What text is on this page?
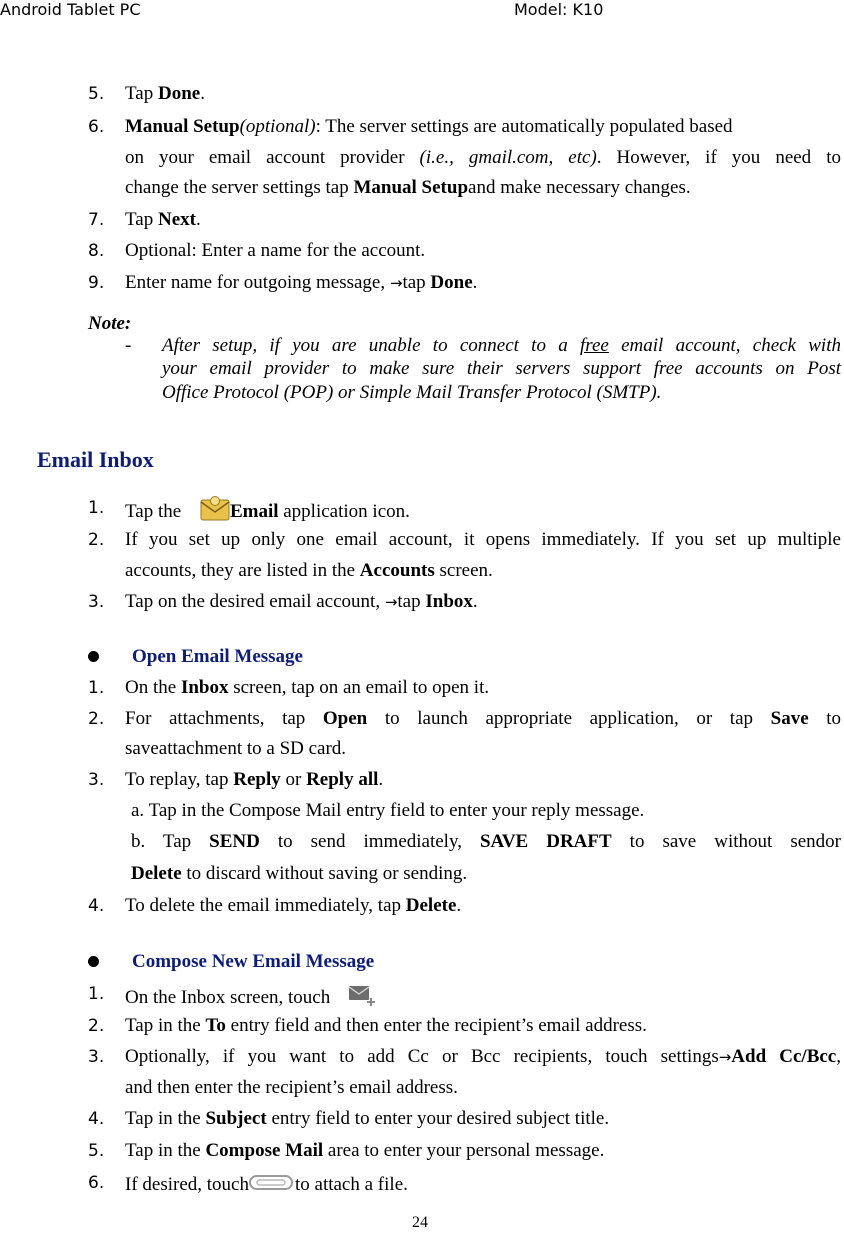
Android Tablet PC	Model: K10
5. Tap Done.
6. Manual Setup(optional): The server settings are automatically populated based
on your email account provider (i.e., gmail.com, etc). However, if you need to
change the server settings tap Manual Setupand make necessary changes.
7. Tap Next.
8. Optional: Enter a name for the account.
9. Enter name for outgoing message, →tap Done.
Note:
- After setup, if you are unable to connect to a free email account, check with
your email provider to make sure their servers support free accounts on Post
Office Protocol (POP) or Simple Mail Transfer Protocol (SMTP).
Email Inbox
1. Tap the Email application icon.
2. If you set up only one email account, it opens immediately. If you set up multiple
accounts, they are listed in the Accounts screen.
3. Tap on the desired email account, →tap Inbox.
Open Email Message
1. On the Inbox screen, tap on an email to open it.
2. For attachments, tap Open to launch appropriate application, or tap Save to
saveattachment to a SD card.
3. To replay, tap Reply or Reply all.
a. Tap in the Compose Mail entry field to enter your reply message.
b. Tap SEND to send immediately, SAVE DRAFT to save without sendor
Delete to discard without saving or sending.
4. To delete the email immediately, tap Delete.
Compose New Email Message
1. On the Inbox screen, touch
2. Tap in the To entry field and then enter the recipient’s email address.
3. Optionally, if you want to add Cc or Bcc recipients, touch settings→Add Cc/Bcc,
and then enter the recipient’s email address.
4. Tap in the Subject entry field to enter your desired subject title.
5. Tap in the Compose Mail area to enter your personal message.
6. If desired, touch to attach a file.
24
